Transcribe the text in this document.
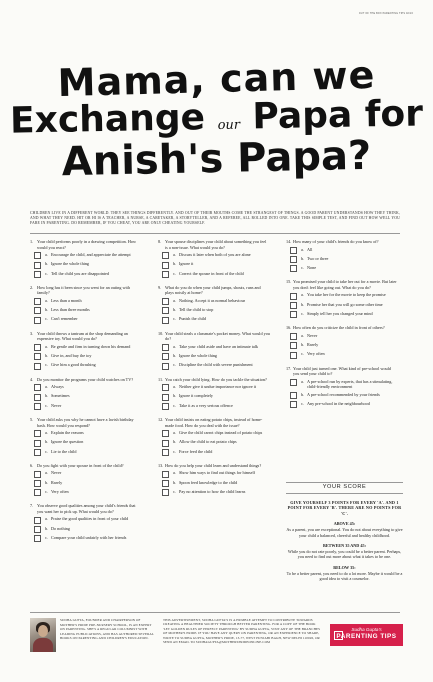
OUT OF THE BOX PARENTING TIPS 02/16
Mama, can we
Exchange our Papa for
Anish's Papa?
CHILDREN LIVE IN A DIFFERENT WORLD. THEY SEE THINGS DIFFERENTLY. AND OUT OF THEIR MOUTHS COME THE STRANGEST OF THINGS. A GOOD PARENT UNDERSTANDS HOW THEY THINK, AND WHAT THEY NEED. HIT OR HI IS A TEACHER, A NURSE, A CARETAKER, A STORYTELLER, AND A REFEREE, ALL ROLLED INTO ONE. TAKE THIS SIMPLE TEST, AND FIND OUT HOW WELL YOU FARE IN PARENTING. DO REMEMBER, IF YOU CHEAT, YOU ARE ONLY CHEATING YOURSELF.
1. Your child performs poorly in a drawing competition. How would you react?
a. Encourage the child, and appreciate the attempt
b. Ignore the whole thing
c. Tell the child you are disappointed
2. How long has it been since you went for an outing with family?
a. Less than a month
b. Less than three months
c. Can't remember
3. Your child throws a tantrum at the shop demanding an expensive toy. What would you do?
a. Be gentle and firm in turning down his demand
b. Give in, and buy the toy
c. Give him a good thrashing
4. Do you monitor the programs your child watches on TV?
a. Always
b. Sometimes
c. Never
5. Your child asks you why he cannot have a lavish birthday bash. How would you respond?
a. Explain the reasons
b. Ignore the question
c. Lie to the child
6. Do you fight with your spouse in front of the child?
a. Never
b. Rarely
c. Very often
7. You observe good qualities among your child's friends that you want her to pick up. What would you do?
a. Praise the good qualities in front of your child
b. Do nothing
c. Compare your child unfairly with her friends
8. Your spouse disciplines your child about something you feel is a non-issue. What would you do?
a. Discuss it later when both of you are alone
b. Ignore it
c. Correct the spouse in front of the child
9. What do you do when your child jumps, shouts, runs and plays noisily at home?
a. Nothing. Accept it as normal behaviour
b. Tell the child to stop
c. Punish the child
10. Your child steals a classmate's pocket money. What would you do?
a. Take your child aside and have an intimate talk
b. Ignore the whole thing
c. Discipline the child with severe punishment
11. You catch your child lying. How do you tackle the situation?
a. Neither give it undue importance nor ignore it
b. Ignore it completely
c. Take it as a very serious offence
12. Your child insists on eating potato chips, instead of home-made food. How do you deal with the issue?
a. Give the child carrot chips instead of potato chips
b. Allow the child to eat potato chips
c. Force feed the child
13. How do you help your child learn and understand things?
a. Show him ways to find out things for himself
b. Spoon feed knowledge to the child
c. Pay no attention to how the child learns
14. How many of your child's friends do you know of?
a. All
b. Two or three
c. None
15. You promised your child to take her out for a movie. But later you don't feel like going out. What do you do?
a. You take her for the movie to keep the promise
b. Promise her that you will go some other time
c. Simply tell her you changed your mind
16. How often do you criticize the child in front of others?
a. Never
b. Rarely
c. Very often
17. Your child just turned one. What kind of pre-school would you send your child to?
a. A pre-school run by experts, that has a stimulating, child-friendly environment
b. A pre-school recommended by your friends
c. Any pre-school in the neighbourhood
YOUR SCORE
GIVE YOURSELF 3 POINTS FOR EVERY 'A'. AND 1 POINT FOR EVERY 'B'. THERE ARE NO POINTS FOR 'C'.
ABOVE 45:
As a parent, you are exceptional. You do not about everything to give your child a balanced, cheerful and healthy childhood.
BETWEEN 35 AND 45:
While you do not rate poorly, you could be a better parent. Perhaps, you need to find out more about what it takes to be one.
BELOW 35:
To be a better parent, you need to do a lot more. Maybe it would be a good idea to visit a counselor.
SUDHA GUPTA, FOUNDER AND CHAIRPERSON OF MOTHER'S PRIDE PRE-NURSERY SCHOOL, IS AN EXPERT ON PARENTING. SHE'S A REGULAR COLUMNIST WITH LEADING PUBLICATIONS, AND HAS AUTHORED SEVERAL BOOKS ON PARENTING AND CHILDREN'S EDUCATION.
THIS ADVERTISEMENT, SUDHA GUPTA'S IS A HUMBLE ATTEMPT TO CONTRIBUTE TOWARDS CREATING A HEALTHIER SOCIETY THROUGH BETTER PARENTING. FOR A COPY OF THE BOOK 'LET GOLDEN RULES OF PERFECT PARENTING' BY SUDHA GUPTA, VISIT ANY OF THE BRANCHES OF MOTHER'S PRIDE. IF YOU HAVE ANY QUERY ON PARENTING, OR AN EXPERIENCE TO SHARE, WRITE TO SUDHA GUPTA, MOTHER'S PRIDE, 13-77, WEST PUNJABI BAGH, NEW DELHI 110026, OR SEND AN EMAIL TO SUDHAGUPTA@MOTHERSPRIDEONLINE.COM
Sudha Gupta's
PARENTING TIPS
